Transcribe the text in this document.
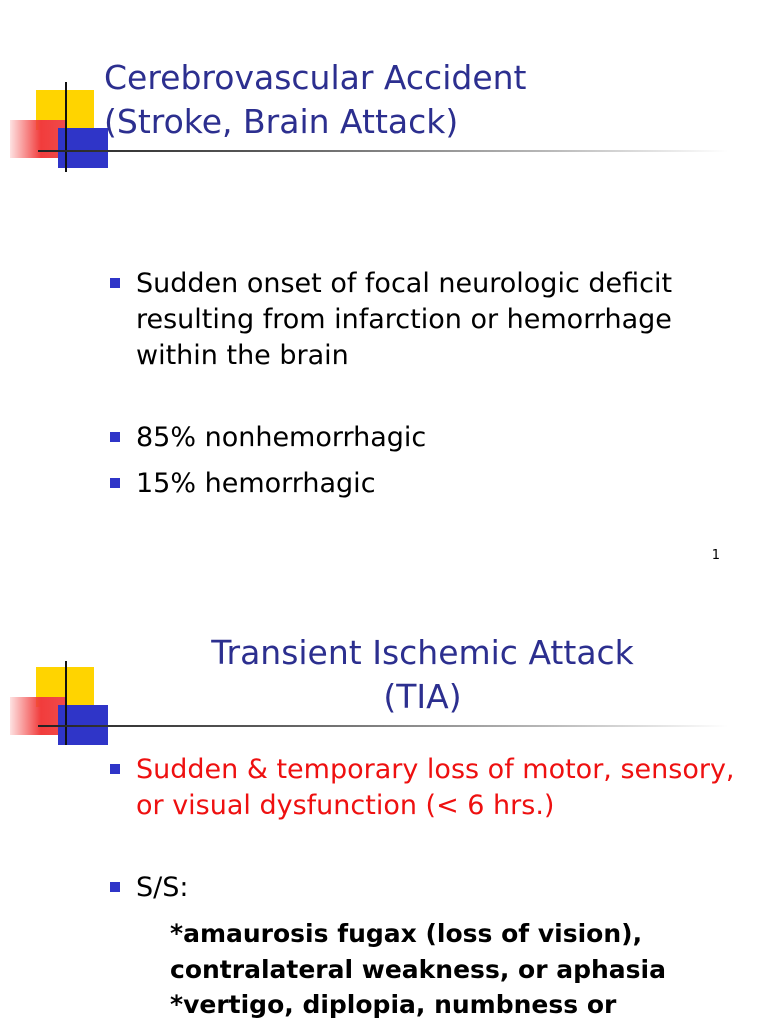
Cerebrovascular Accident
(Stroke, Brain Attack)
Sudden onset of focal neurologic deficit
resulting from infarction or hemorrhage
within the brain
85% nonhemorrhagic
15% hemorrhagic
1
Transient Ischemic Attack
(TIA)
Sudden & temporary loss of motor, sensory,
or visual dysfunction (< 6 hrs.)
S/S:
*amaurosis fugax (loss of vision),
contralateral weakness, or aphasia
*vertigo, diplopia, numbness or
